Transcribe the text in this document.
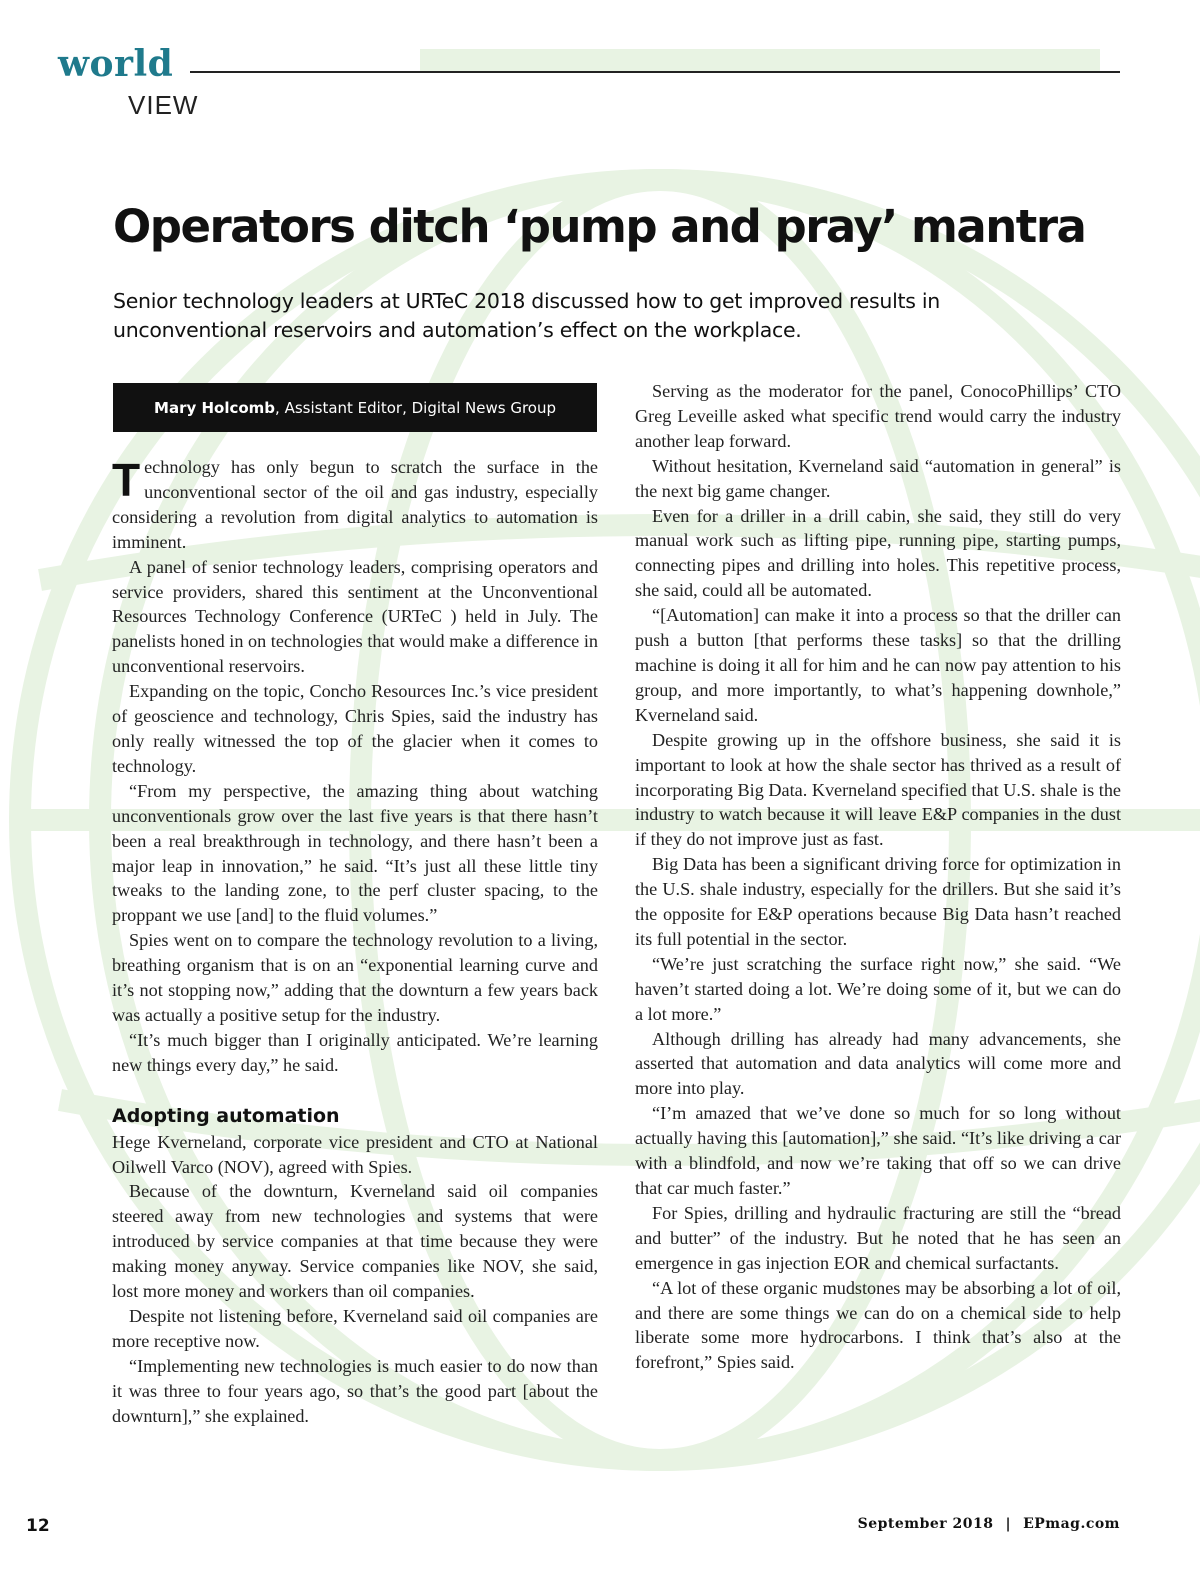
world
VIEW
Operators ditch ‘pump and pray’ mantra
Senior technology leaders at URTeC 2018 discussed how to get improved results in unconventional reservoirs and automation’s effect on the workplace.
Mary Holcomb, Assistant Editor, Digital News Group

Technology has only begun to scratch the surface in the unconventional sector of the oil and gas industry, especially considering a revolution from digital analytics to automation is imminent.

A panel of senior technology leaders, comprising operators and service providers, shared this sentiment at the Unconventional Resources Technology Conference (URTeC ) held in July. The panelists honed in on technologies that would make a difference in unconventional reservoirs.

Expanding on the topic, Concho Resources Inc.’s vice president of geoscience and technology, Chris Spies, said the industry has only really witnessed the top of the glacier when it comes to technology.

“From my perspective, the amazing thing about watching unconventionals grow over the last five years is that there hasn’t been a real breakthrough in technology, and there hasn’t been a major leap in innovation,” he said. “It’s just all these little tiny tweaks to the landing zone, to the perf cluster spacing, to the proppant we use [and] to the fluid volumes.”

Spies went on to compare the technology revolution to a living, breathing organism that is on an “exponential learning curve and it’s not stopping now,” adding that the downturn a few years back was actually a positive setup for the industry.

“It’s much bigger than I originally anticipated. We’re learning new things every day,” he said.

Adopting automation

Hege Kverneland, corporate vice president and CTO at National Oilwell Varco (NOV), agreed with Spies.

Because of the downturn, Kverneland said oil companies steered away from new technologies and systems that were introduced by service companies at that time because they were making money anyway. Service companies like NOV, she said, lost more money and workers than oil companies.

Despite not listening before, Kverneland said oil companies are more receptive now.

“Implementing new technologies is much easier to do now than it was three to four years ago, so that’s the good part [about the downturn],” she explained.

Serving as the moderator for the panel, ConocoPhillips’ CTO Greg Leveille asked what specific trend would carry the industry another leap forward.

Without hesitation, Kverneland said “automation in general” is the next big game changer.

Even for a driller in a drill cabin, she said, they still do very manual work such as lifting pipe, running pipe, starting pumps, connecting pipes and drilling into holes. This repetitive process, she said, could all be automated.

“[Automation] can make it into a process so that the driller can push a button [that performs these tasks] so that the drilling machine is doing it all for him and he can now pay attention to his group, and more importantly, to what’s happening downhole,” Kverneland said.

Despite growing up in the offshore business, she said it is important to look at how the shale sector has thrived as a result of incorporating Big Data. Kverneland specified that U.S. shale is the industry to watch because it will leave E&P companies in the dust if they do not improve just as fast.

Big Data has been a significant driving force for optimization in the U.S. shale industry, especially for the drillers. But she said it’s the opposite for E&P operations because Big Data hasn’t reached its full potential in the sector.

“We’re just scratching the surface right now,” she said. “We haven’t started doing a lot. We’re doing some of it, but we can do a lot more.”

Although drilling has already had many advancements, she asserted that automation and data analytics will come more and more into play.

“I’m amazed that we’ve done so much for so long without actually having this [automation],” she said. “It’s like driving a car with a blindfold, and now we’re taking that off so we can drive that car much faster.”

For Spies, drilling and hydraulic fracturing are still the “bread and butter” of the industry. But he noted that he has seen an emergence in gas injection EOR and chemical surfactants.

“A lot of these organic mudstones may be absorbing a lot of oil, and there are some things we can do on a chemical side to help liberate some more hydrocarbons. I think that’s also at the forefront,” Spies said.

12	September 2018 | EPmag.com
